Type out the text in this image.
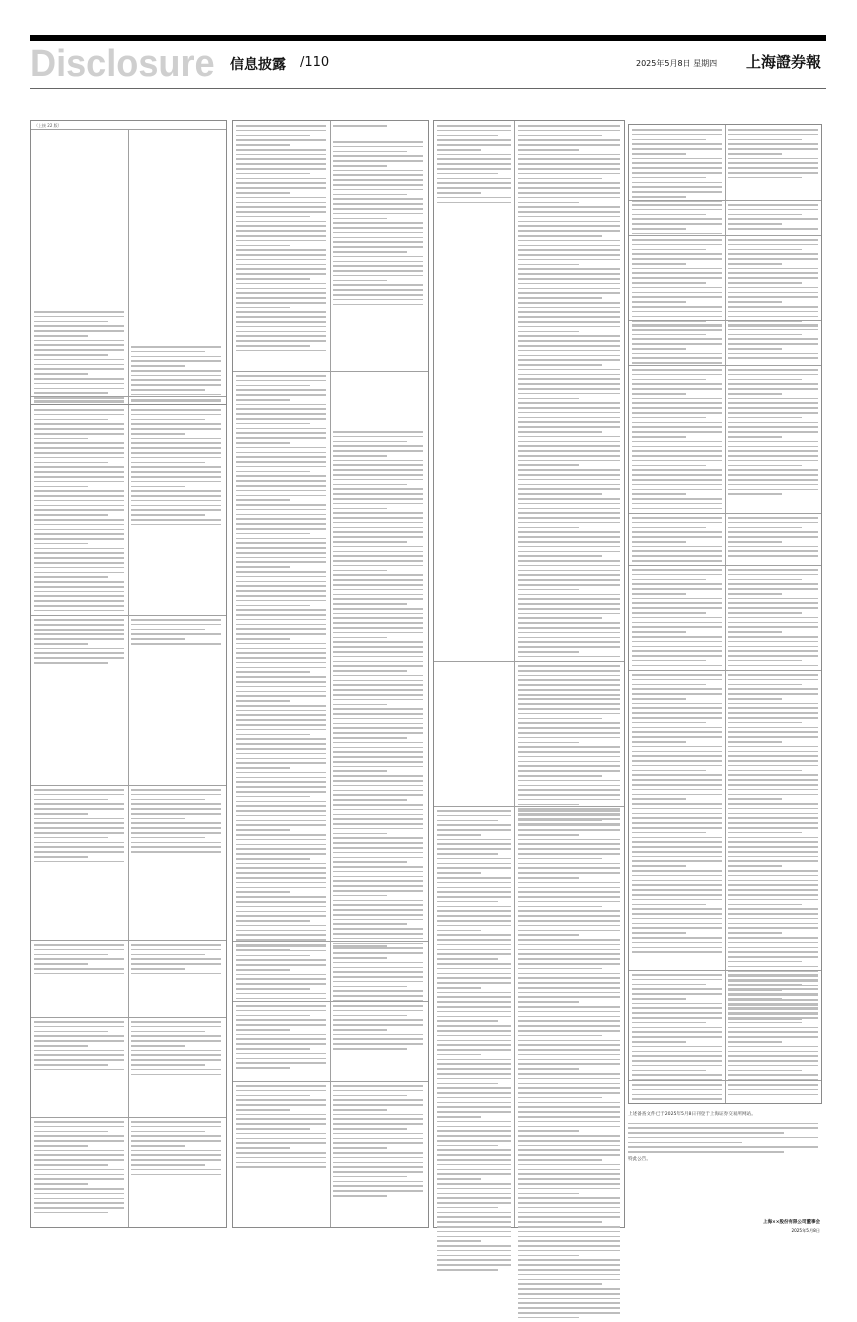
Disclosure 信息披露 /110	2025年5月8日 星期四 上海證券報
（上接 22 版）

上述备查文件已于2025年5月8日刊登于上海证券交易所网站。

特此公告。

上海××股份有限公司董事会
2025年5月8日
